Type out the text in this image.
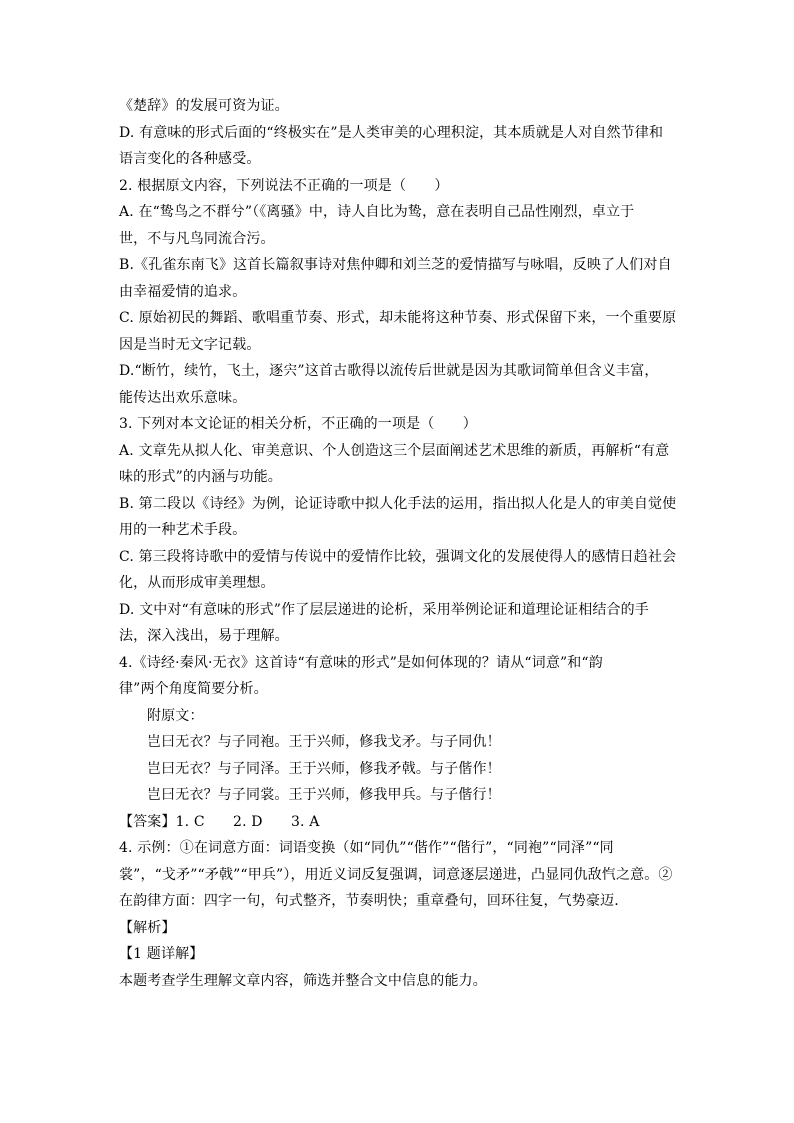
《楚辞》的发展可资为证。
D. 有意味的形式后面的“终极实在”是人类审美的心理积淀，其本质就是人对自然节律和
语言变化的各种感受。
2. 根据原文内容，下列说法不正确的一项是（　　）
A. 在“鸷鸟之不群兮”（《离骚》中，诗人自比为鸷，意在表明自己品性刚烈，卓立于
世，不与凡鸟同流合污。
B.《孔雀东南飞》这首长篇叙事诗对焦仲卿和刘兰芝的爱情描写与咏唱，反映了人们对自
由幸福爱情的追求。
C. 原始初民的舞蹈、歌唱重节奏、形式，却未能将这种节奏、形式保留下来，一个重要原
因是当时无文字记载。
D.“断竹，续竹，飞土，逐宍”这首古歌得以流传后世就是因为其歌词简单但含义丰富，
能传达出欢乐意味。
3. 下列对本文论证的相关分析，不正确的一项是（　　）
A. 文章先从拟人化、审美意识、个人创造这三个层面阐述艺术思维的新质，再解析“有意
味的形式”的内涵与功能。
B. 第二段以《诗经》为例，论证诗歌中拟人化手法的运用，指出拟人化是人的审美自觉使
用的一种艺术手段。
C. 第三段将诗歌中的爱情与传说中的爱情作比较，强调文化的发展使得人的感情日趋社会
化，从而形成审美理想。
D. 文中对“有意味的形式”作了层层递进的论析，采用举例论证和道理论证相结合的手
法，深入浅出，易于理解。
4.《诗经·秦风·无衣》这首诗“有意味的形式”是如何体现的？请从“词意”和“韵
律”两个角度简要分析。
附原文：
岂曰无衣？与子同袍。王于兴师，修我戈矛。与子同仇！
岂曰无衣？与子同泽。王于兴师，修我矛戟。与子偕作！
岂曰无衣？与子同裳。王于兴师，修我甲兵。与子偕行！
【答案】1. C　　2. D　　3. A
4. 示例：①在词意方面：词语变换（如“同仇”“偕作”“偕行”，“同袍”“同泽”“同
裳”，“戈矛”“矛戟”“甲兵”），用近义词反复强调，词意逐层递进，凸显同仇敌忾之意。②
在韵律方面：四字一句，句式整齐，节奏明快；重章叠句，回环往复，气势豪迈.
【解析】
【1 题详解】
本题考查学生理解文章内容，筛选并整合文中信息的能力。
